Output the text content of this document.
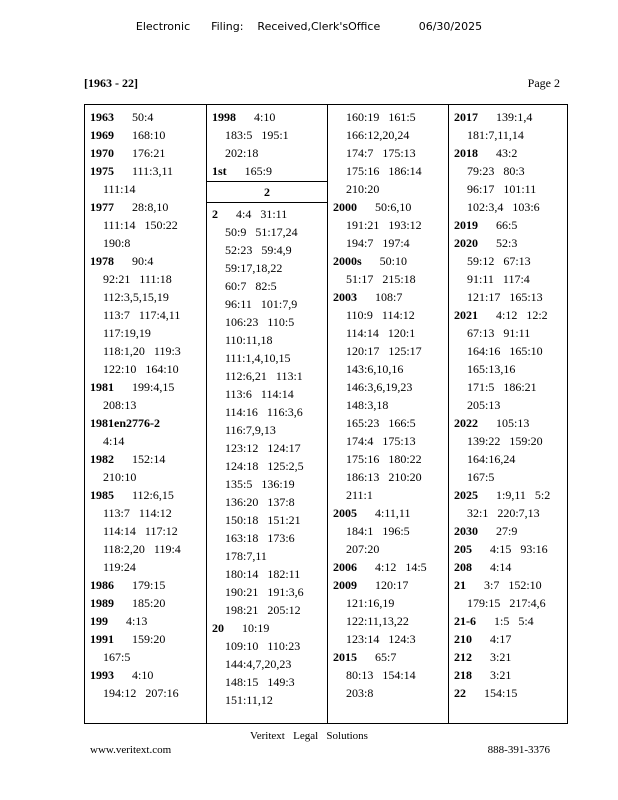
Electronic      Filing:    Received,Clerk'sOffice           06/30/2025
[1963 - 22]	Page 2
1963 50:4
1969 168:10
1970 176:21
1975 111:3,11
111:14
1977 28:8,10
111:14   150:22
190:8
1978 90:4
92:21   111:18
112:3,5,15,19
113:7   117:4,11
117:19,19
118:1,20   119:3
122:10   164:10
1981 199:4,15
208:13
1981en2776-2
4:14
1982 152:14
210:10
1985 112:6,15
113:7   114:12
114:14   117:12
118:2,20   119:4
119:24
1986 179:15
1989 185:20
199 4:13
1991 159:20
167:5
1993 4:10
194:12   207:16
1998 4:10
183:5   195:1
202:18
1st 165:9
2
2 4:4   31:11
50:9   51:17,24
52:23   59:4,9
59:17,18,22
60:7   82:5
96:11   101:7,9
106:23   110:5
110:11,18
111:1,4,10,15
112:6,21   113:1
113:6   114:14
114:16   116:3,6
116:7,9,13
123:12   124:17
124:18   125:2,5
135:5   136:19
136:20   137:8
150:18   151:21
163:18   173:6
178:7,11
180:14   182:11
190:21   191:3,6
198:21   205:12
20 10:19
109:10   110:23
144:4,7,20,23
148:15   149:3
151:11,12
160:19   161:5
166:12,20,24
174:7   175:13
175:16   186:14
210:20
2000 50:6,10
191:21   193:12
194:7   197:4
2000s 50:10
51:17   215:18
2003 108:7
110:9   114:12
114:14   120:1
120:17   125:17
143:6,10,16
146:3,6,19,23
148:3,18
165:23   166:5
174:4   175:13
175:16   180:22
186:13   210:20
211:1
2005 4:11,11
184:1   196:5
207:20
2006 4:12   14:5
2009 120:17
121:16,19
122:11,13,22
123:14   124:3
2015 65:7
80:13   154:14
203:8
2017 139:1,4
181:7,11,14
2018 43:2
79:23   80:3
96:17   101:11
102:3,4   103:6
2019 66:5
2020 52:3
59:12   67:13
91:11   117:4
121:17   165:13
2021 4:12   12:2
67:13   91:11
164:16   165:10
165:13,16
171:5   186:21
205:13
2022 105:13
139:22   159:20
164:16,24
167:5
2025 1:9,11   5:2
32:1   220:7,13
2030 27:9
205 4:15   93:16
208 4:14
21 3:7   152:10
179:15   217:4,6
21-6 1:5   5:4
210 4:17
212 3:21
218 3:21
22 154:15
Veritext   Legal   Solutions
www.veritext.com	888-391-3376
